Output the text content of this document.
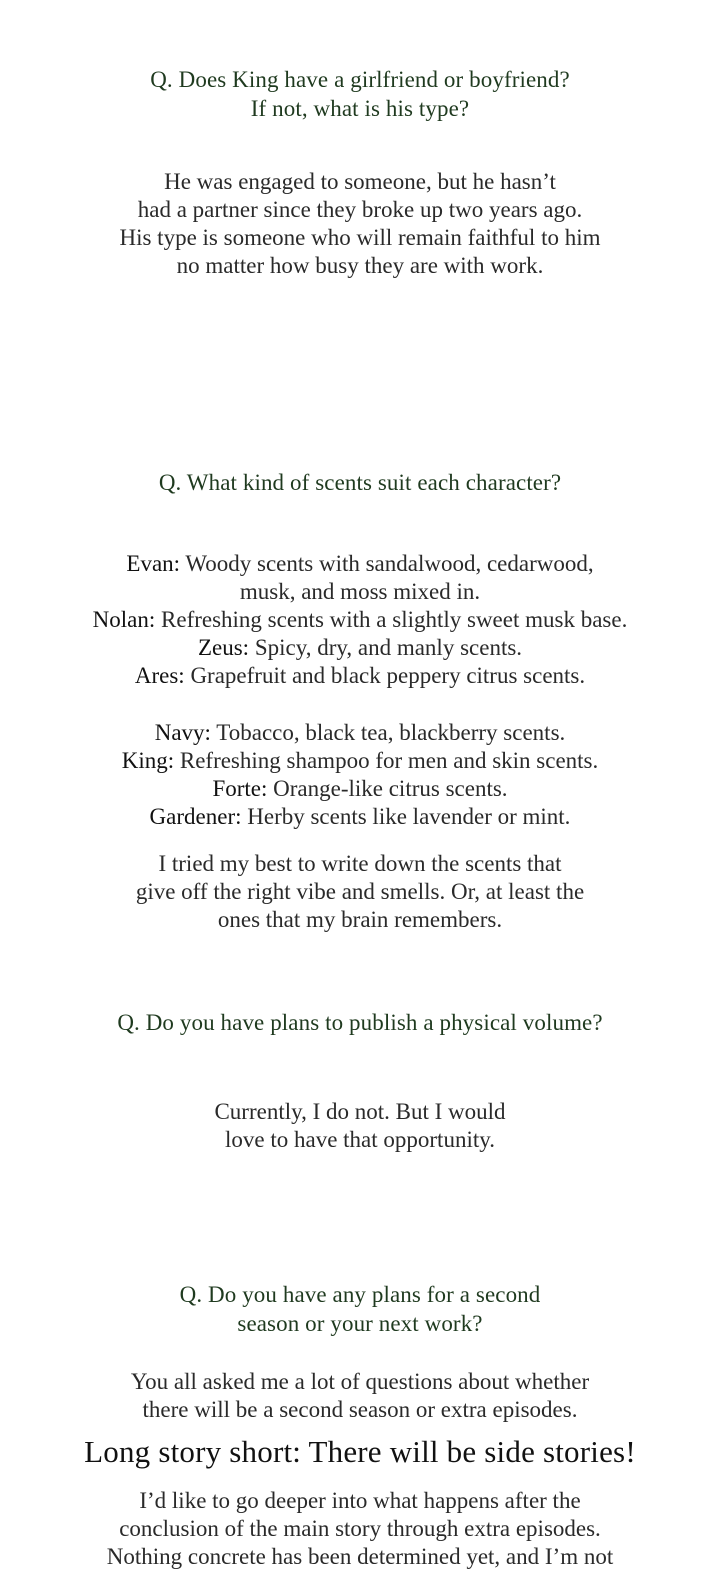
Q. Does King have a girlfriend or boyfriend?
If not, what is his type?
He was engaged to someone, but he hasn’t
had a partner since they broke up two years ago.
His type is someone who will remain faithful to him
no matter how busy they are with work.
Q. What kind of scents suit each character?
Evan: Woody scents with sandalwood, cedarwood,
musk, and moss mixed in.
Nolan: Refreshing scents with a slightly sweet musk base.
Zeus: Spicy, dry, and manly scents.
Ares: Grapefruit and black peppery citrus scents.
Navy: Tobacco, black tea, blackberry scents.
King: Refreshing shampoo for men and skin scents.
Forte: Orange-like citrus scents.
Gardener: Herby scents like lavender or mint.
I tried my best to write down the scents that
give off the right vibe and smells. Or, at least the
ones that my brain remembers.
Q. Do you have plans to publish a physical volume?
Currently, I do not. But I would
love to have that opportunity.
Q. Do you have any plans for a second
season or your next work?
You all asked me a lot of questions about whether
there will be a second season or extra episodes.
Long story short: There will be side stories!
I’d like to go deeper into what happens after the
conclusion of the main story through extra episodes.
Nothing concrete has been determined yet, and I’m not
